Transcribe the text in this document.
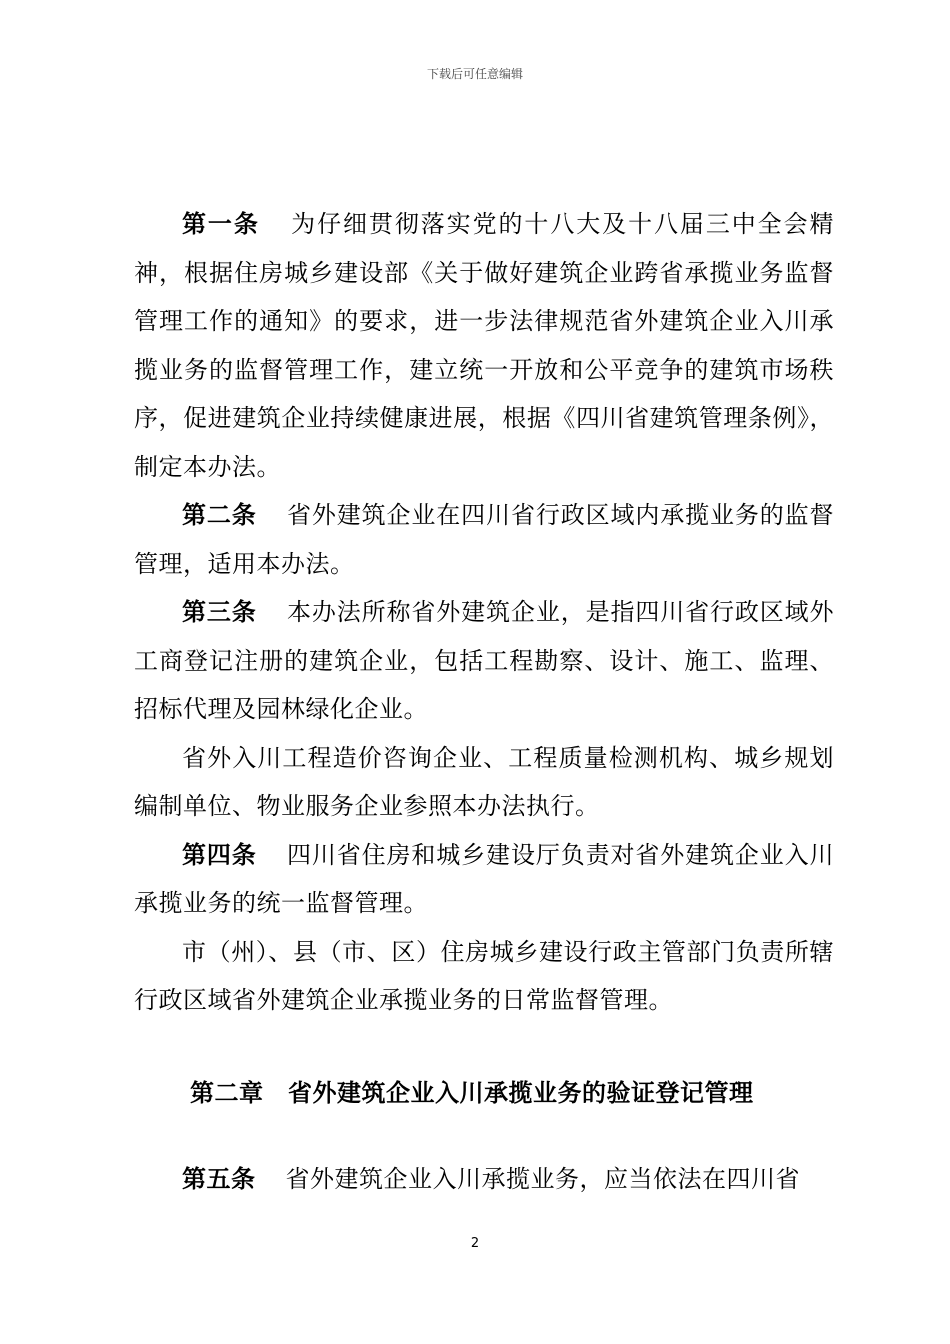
下载后可任意编辑

第一条 为仔细贯彻落实党的十八大及十八届三中全会精神，根据住房城乡建设部《关于做好建筑企业跨省承揽业务监督管理工作的通知》的要求，进一步法律规范省外建筑企业入川承揽业务的监督管理工作，建立统一开放和公平竞争的建筑市场秩序，促进建筑企业持续健康进展，根据《四川省建筑管理条例》，制定本办法。

第二条 省外建筑企业在四川省行政区域内承揽业务的监督管理，适用本办法。

第三条 本办法所称省外建筑企业，是指四川省行政区域外工商登记注册的建筑企业，包括工程勘察、设计、施工、监理、招标代理及园林绿化企业。

省外入川工程造价咨询企业、工程质量检测机构、城乡规划编制单位、物业服务企业参照本办法执行。

第四条 四川省住房和城乡建设厅负责对省外建筑企业入川承揽业务的统一监督管理。

市（州）、县（市、区）住房城乡建设行政主管部门负责所辖行政区域省外建筑企业承揽业务的日常监督管理。

第二章　省外建筑企业入川承揽业务的验证登记管理

第五条 省外建筑企业入川承揽业务，应当依法在四川省

2
